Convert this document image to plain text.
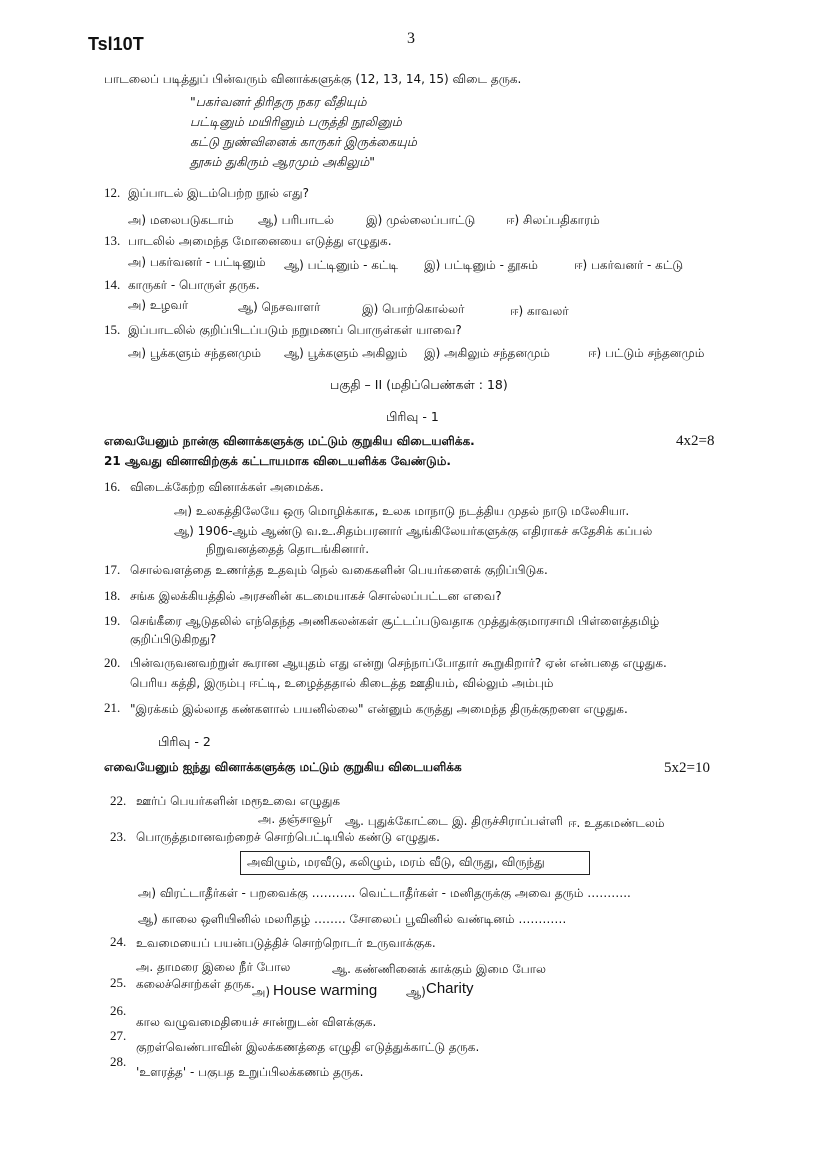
Tsl10T	3
பாடலைப் படித்துப் பின்வரும் வினாக்களுக்கு (12, 13, 14, 15) விடை தருக.
"பகர்வனர் திரிதரு நகர வீதியும்
பட்டினும் மயிரினும் பருத்தி நூலினும்
கட்டு நுண்வினைக் காருகர் இருக்கையும்
தூசும் துகிரும் ஆரமும் அகிலும்"
12. இப்பாடல் இடம்பெற்ற நூல் எது?
அ) மலைபடுகடாம் ஆ) பரிபாடல்	இ) முல்லைப்பாட்டு	ஈ) சிலப்பதிகாரம்
13. பாடலில் அமைந்த மோனையை எடுத்து எழுதுக.
அ) பகர்வனர் - பட்டினும் ஆ) பட்டினும் - கட்டி இ) பட்டினும் - தூசும்	ஈ) பகர்வனர் - கட்டு
14. காருகர் - பொருள் தருக.
அ) உழவர்	ஆ) நெசவாளர்	இ) பொற்கொல்லர்	ஈ) காவலர்
15. இப்பாடலில் குறிப்பிடப்படும் நறுமணப் பொருள்கள் யாவை?
அ) பூக்களும் சந்தனமும் ஆ) பூக்களும் அகிலும் இ) அகிலும் சந்தனமும்	ஈ) பட்டும் சந்தனமும்
பகுதி – II (மதிப்பெண்கள் : 18)
பிரிவு - 1
எவையேனும் நான்கு வினாக்களுக்கு மட்டும் குறுகிய விடையளிக்க.	4x2=8
21 ஆவது வினாவிற்குக் கட்டாயமாக விடையளிக்க வேண்டும்.
16. விடைக்கேற்ற வினாக்கள் அமைக்க.
அ) உலகத்திலேயே ஒரு மொழிக்காக, உலக மாநாடு நடத்திய முதல் நாடு மலேசியா.
ஆ) 1906-ஆம் ஆண்டு வ.உ.சிதம்பரனார் ஆங்கிலேயர்களுக்கு எதிராகச் சுதேசிக் கப்பல்
நிறுவனத்தைத் தொடங்கினார்.
17. சொல்வளத்தை உணர்த்த உதவும் நெல் வகைகளின் பெயர்களைக் குறிப்பிடுக.
18. சங்க இலக்கியத்தில் அரசனின் கடமையாகச் சொல்லப்பட்டன எவை?
19. செங்கீரை ஆடுதலில் எந்தெந்த அணிகலன்கள் சூட்டப்படுவதாக முத்துக்குமாரசாமி பிள்ளைத்தமிழ்
குறிப்பிடுகிறது?
20. பின்வருவனவற்றுள் கூரான ஆயுதம் எது என்று செந்நாப்போதார் கூறுகிறார்? ஏன் என்பதை எழுதுக.
பெரிய கத்தி, இரும்பு ஈட்டி, உழைத்ததால் கிடைத்த ஊதியம், வில்லும் அம்பும்
21. "இரக்கம் இல்லாத கண்களால் பயனில்லை" என்னும் கருத்து அமைந்த திருக்குறளை எழுதுக.
பிரிவு - 2
எவையேனும் ஐந்து வினாக்களுக்கு மட்டும் குறுகிய விடையளிக்க	5x2=10
22. ஊர்ப் பெயர்களின் மரூஉவை எழுதுக
அ. தஞ்சாவூர் ஆ. புதுக்கோட்டை இ. திருச்சிராப்பள்ளி ஈ. உதகமண்டலம்
23. பொருத்தமானவற்றைச் சொற்பெட்டியில் கண்டு எழுதுக.
அவிழும், மரவீடு, கலிழும், மரம் வீடு, விருது, விருந்து
அ) விரட்டாதீர்கள் - பறவைக்கு ……….. வெட்டாதீர்கள் - மனிதருக்கு அவை தரும் ………..
ஆ) காலை ஒளியினில் மலரிதழ் …….. சோலைப் பூவினில் வண்டினம் …………
24. உவமையைப் பயன்படுத்திச் சொற்றொடர் உருவாக்குக.
அ. தாமரை இலை நீர் போல	ஆ. கண்ணினைக் காக்கும் இமை போல
25. கலைச்சொற்கள் தருக.
அ) House warming ஆ) Charity
26.
கால வழுவமைதியைச் சான்றுடன் விளக்குக.
27.
குறள்வெண்பாவின் இலக்கணத்தை எழுதி எடுத்துக்காட்டு தருக.
28.
'உளரத்த' - பகுபத உறுப்பிலக்கணம் தருக.
